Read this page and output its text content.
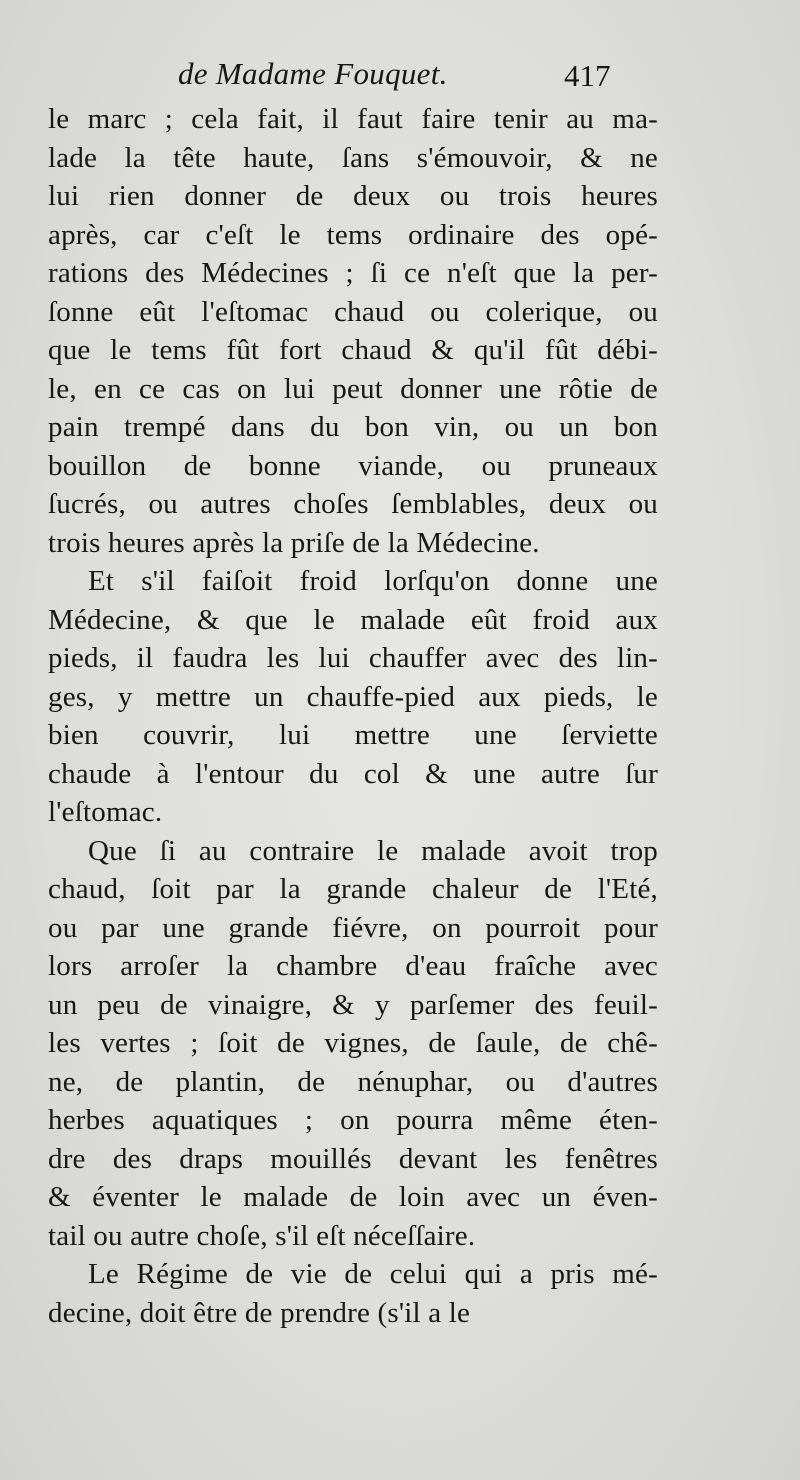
de Madame Fouquet.	417
le marc ; cela fait, il faut faire tenir au ma-
lade la tête haute, ſans s'émouvoir, & ne
lui rien donner de deux ou trois heures
après, car c'eſt le tems ordinaire des opé-
rations des Médecines ; ſi ce n'eſt que la per-
ſonne eût l'eſtomac chaud ou colerique, ou
que le tems fût fort chaud & qu'il fût débi-
le, en ce cas on lui peut donner une rôtie de
pain trempé dans du bon vin, ou un bon
bouillon de bonne viande, ou pruneaux
ſucrés, ou autres choſes ſemblables, deux ou
trois heures après la priſe de la Médecine.
Et s'il faiſoit froid lorſqu'on donne une
Médecine, & que le malade eût froid aux
pieds, il faudra les lui chauffer avec des lin-
ges, y mettre un chauffe-pied aux pieds, le
bien couvrir, lui mettre une ſerviette
chaude à l'entour du col & une autre ſur
l'eſtomac.
Que ſi au contraire le malade avoit trop
chaud, ſoit par la grande chaleur de l'Eté,
ou par une grande fiévre, on pourroit pour
lors arroſer la chambre d'eau fraîche avec
un peu de vinaigre, & y parſemer des feuil-
les vertes ; ſoit de vignes, de ſaule, de chê-
ne, de plantin, de nénuphar, ou d'autres
herbes aquatiques ; on pourra même éten-
dre des draps mouillés devant les fenêtres
& éventer le malade de loin avec un éven-
tail ou autre choſe, s'il eſt néceſſaire.
Le Régime de vie de celui qui a pris mé-
decine, doit être de prendre (s'il a le
